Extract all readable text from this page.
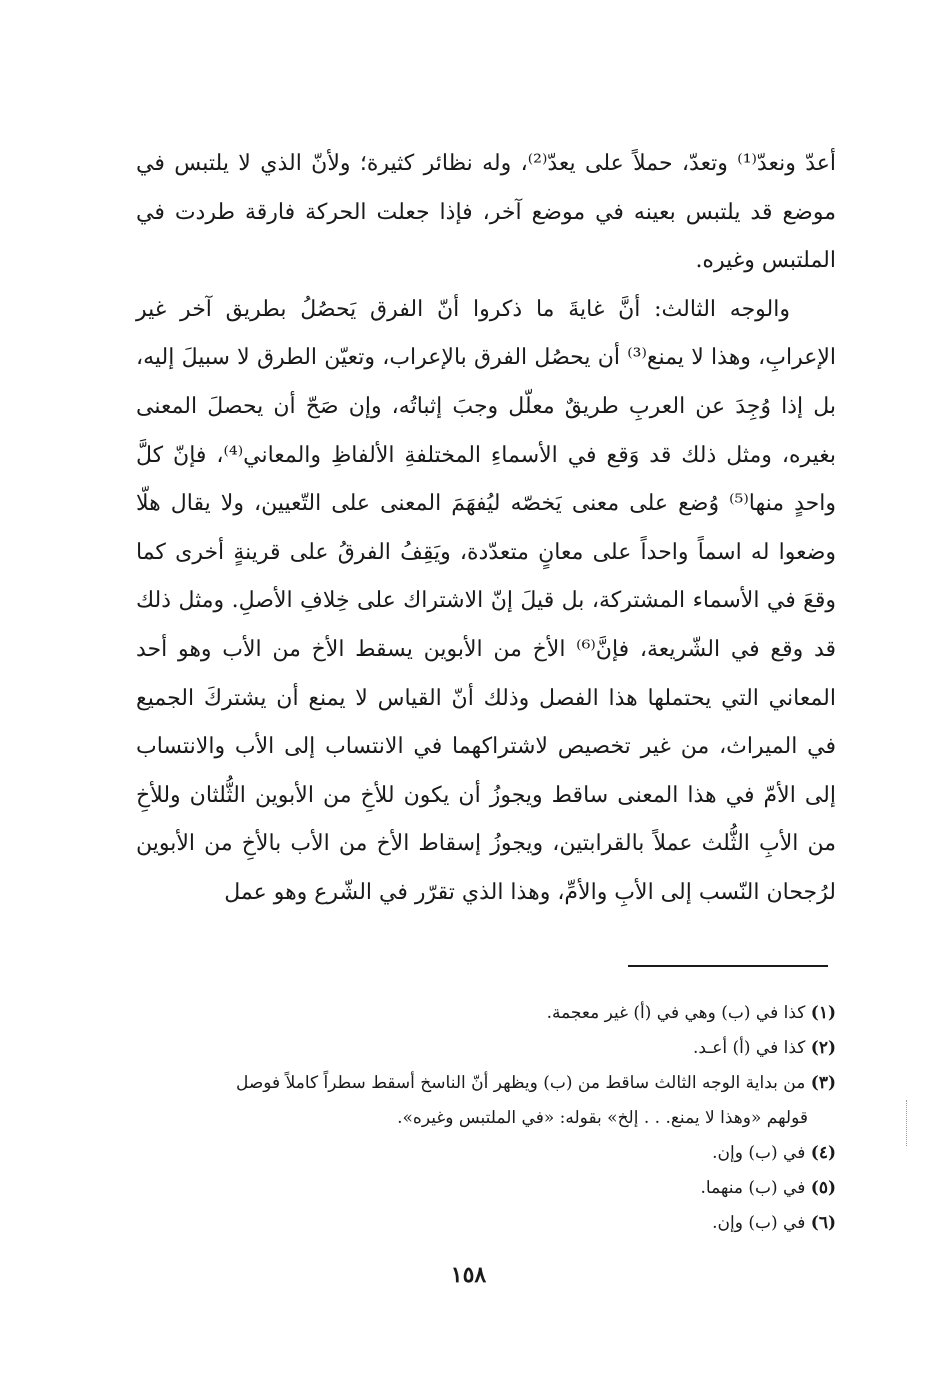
أعدّ ونعدّ⁽¹⁾ وتعدّ، حملاً على يعدّ⁽²⁾، وله نظائر كثيرة؛ ولأنّ الذي لا يلتبس في موضع قد يلتبس بعينه في موضع آخر، فإذا جعلت الحركة فارقة طردت في الملتبس وغيره.

والوجه الثالث: أنَّ غايةَ ما ذكروا أنّ الفرق يَحصُلُ بطريق آخر غير الإعرابِ، وهذا لا يمنع⁽³⁾ أن يحصُل الفرق بالإعراب، وتعيّن الطرق لا سبيلَ إليه، بل إذا وُجِدَ عن العربِ طريقٌ معلّل وجبَ إثباتُه، وإن صَحّ أن يحصلَ المعنى بغيره، ومثل ذلك قد وَقع في الأسماءِ المختلفةِ الألفاظِ والمعاني⁽⁴⁾، فإنّ كلَّ واحدٍ منها⁽⁵⁾ وُضع على معنى يَخصّه ليُفهَمَ المعنى على التّعيين، ولا يقال هلّا وضعوا له اسماً واحداً على معانٍ متعدّدة، ويَقِفُ الفرقُ على قرينةٍ أخرى كما وقعَ في الأسماء المشتركة، بل قيلَ إنّ الاشتراك على خِلافِ الأصلِ. ومثل ذلك قد وقع في الشّريعة، فإنَّ⁽⁶⁾ الأخ من الأبوين يسقط الأخ من الأب وهو أحد المعاني التي يحتملها هذا الفصل وذلك أنّ القياس لا يمنع أن يشتركَ الجميع في الميراث، من غير تخصيص لاشتراكهما في الانتساب إلى الأب والانتساب إلى الأمّ في هذا المعنى ساقط ويجوزُ أن يكون للأخِ من الأبوين الثُّلثان وللأخِ من الأبِ الثُّلث عملاً بالقرابتين، ويجوزُ إسقاط الأخ من الأب بالأخِ من الأبوين لرُجحان النّسب إلى الأبِ والأمِّ، وهذا الذي تقرّر في الشّرع وهو عمل

(١) كذا في (ب) وهي في (أ) غير معجمة.

(٢) كذا في (أ) أعـد.

(٣) من بداية الوجه الثالث ساقط من (ب) ويظهر أنّ الناسخ أسقط سطراً كاملاً فوصل

قولهم «وهذا لا يمنع. . . إلخ» بقوله: «في الملتبس وغيره».

(٤) في (ب) وإن.

(٥) في (ب) منهما.

(٦) في (ب) وإن.

١٥٨
